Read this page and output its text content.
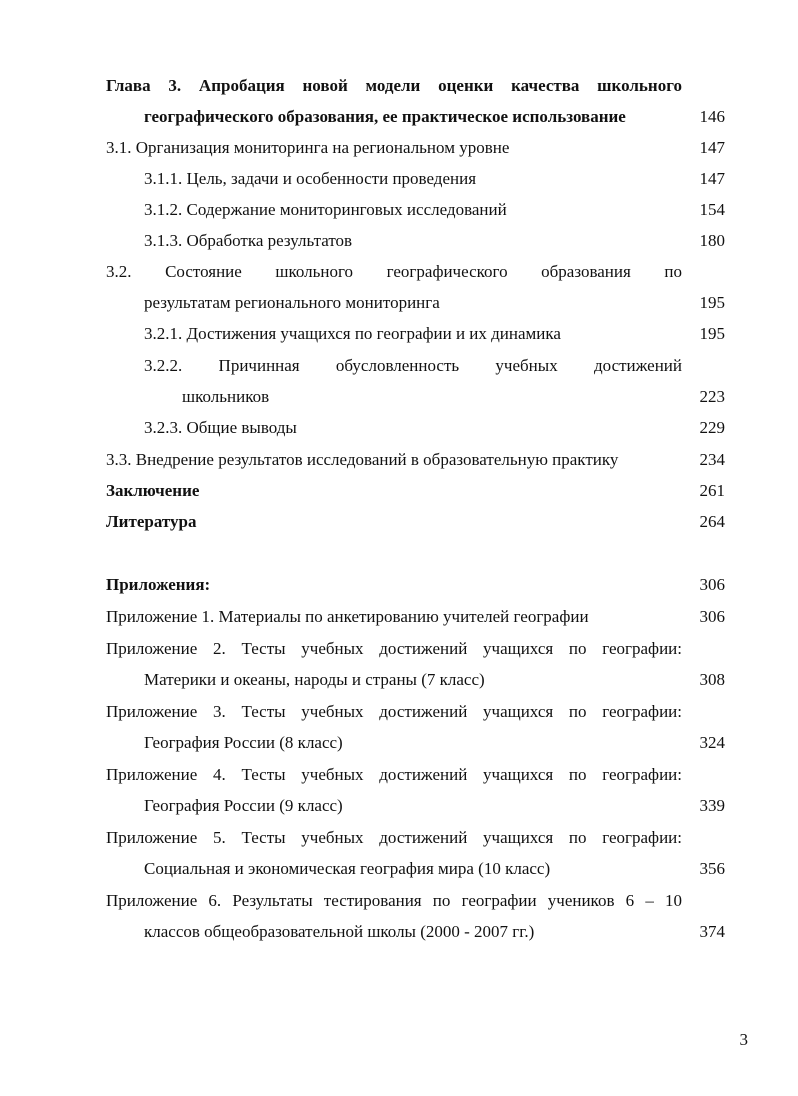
Глава 3. Апробация новой модели оценки качества школьного
географического образования, ее практическое использование	146
3.1. Организация мониторинга на региональном уровне	147
3.1.1. Цель, задачи и особенности проведения	147
3.1.2. Содержание мониторинговых исследований	154
3.1.3. Обработка результатов	180
3.2. Состояние школьного географического образования по
результатам регионального мониторинга	195
3.2.1. Достижения учащихся по географии и их динамика	195
3.2.2. Причинная обусловленность учебных достижений
школьников	223
3.2.3. Общие выводы	229
3.3. Внедрение результатов исследований в образовательную практику	234
Заключение	261
Литература	264
Приложения:	306
Приложение 1. Материалы по анкетированию учителей географии	306
Приложение 2. Тесты учебных достижений учащихся по географии:
Материки и океаны, народы и страны (7 класс)	308
Приложение 3. Тесты учебных достижений учащихся по географии:
География России (8 класс)	324
Приложение 4. Тесты учебных достижений учащихся по географии:
География России (9 класс)	339
Приложение 5. Тесты учебных достижений учащихся по географии:
Социальная и экономическая география мира (10 класс)	356
Приложение 6. Результаты тестирования по географии учеников 6 – 10
классов общеобразовательной школы (2000 - 2007 гг.)	374
3
